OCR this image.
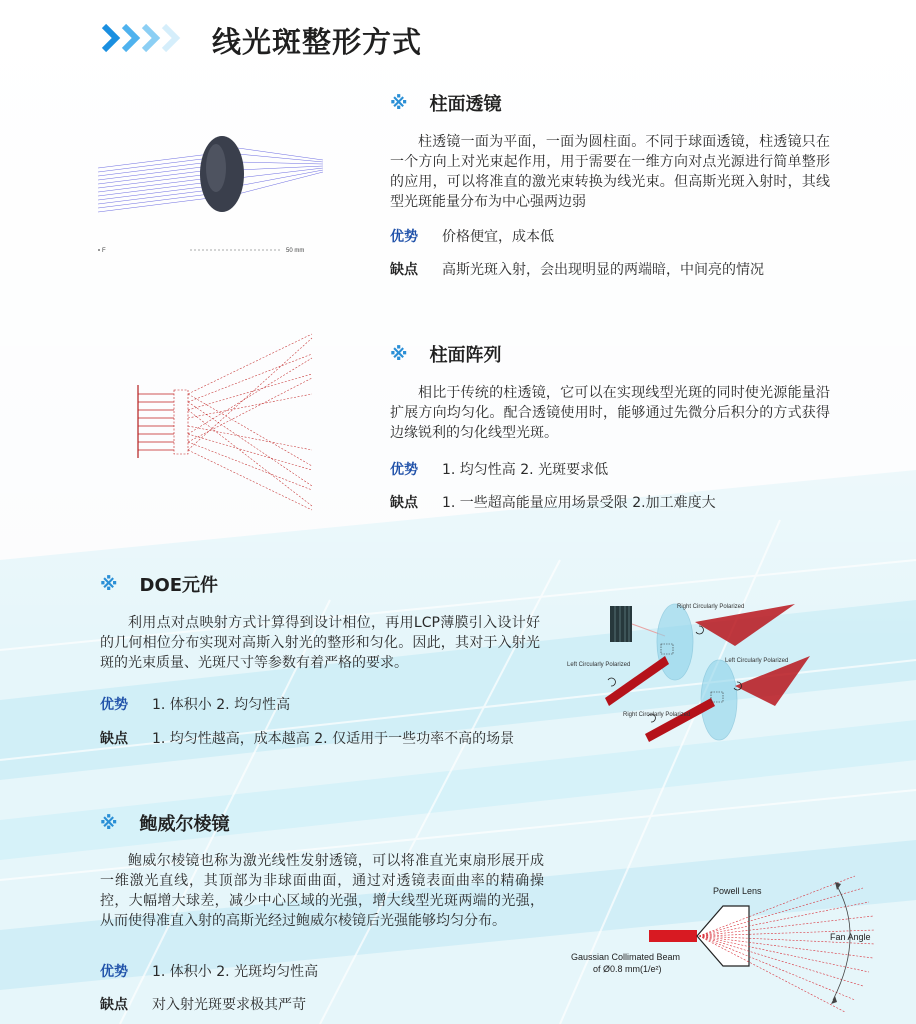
线光斑整形方式
※ 柱面透镜
柱透镜一面为平面，一面为圆柱面。不同于球面透镜，柱透镜只在一个方向上对光束起作用，用于需要在一维方向对点光源进行简单整形的应用，可以将准直的激光束转换为线光束。但高斯光斑入射时，其线型光斑能量分布为中心强两边弱
优势	价格便宜，成本低
缺点	高斯光斑入射，会出现明显的两端暗，中间亮的情况
F	50 mm
※ 柱面阵列
相比于传统的柱透镜，它可以在实现线型光斑的同时使光源能量沿扩展方向均匀化。配合透镜使用时，能够通过先微分后积分的方式获得边缘锐利的匀化线型光斑。
优势	1. 均匀性高 2. 光斑要求低
缺点	1. 一些超高能量应用场景受限 2.加工难度大
※ DOE元件
利用点对点映射方式计算得到设计相位，再用LCP薄膜引入设计好的几何相位分布实现对高斯入射光的整形和匀化。因此，其对于入射光斑的光束质量、光斑尺寸等参数有着严格的要求。
优势	1. 体积小 2. 均匀性高
缺点	1. 均匀性越高，成本越高 2. 仅适用于一些功率不高的场景
Right Circularly Polarized
Left Circularly Polarized
Left Circularly Polarized
Right Circularly Polarized
※ 鲍威尔棱镜
鲍威尔棱镜也称为激光线性发射透镜，可以将准直光束扇形展开成一维激光直线，其顶部为非球面曲面，通过对透镜表面曲率的精确操控，大幅增大球差，减少中心区域的光强，增大线型光斑两端的光强，从而使得准直入射的高斯光经过鲍威尔棱镜后光强能够均匀分布。
优势	1. 体积小 2. 光斑均匀性高
缺点	对入射光斑要求极其严苛
Powell Lens
Fan Angle
Gaussian Collimated Beam
of Ø0.8 mm(1/e²)
